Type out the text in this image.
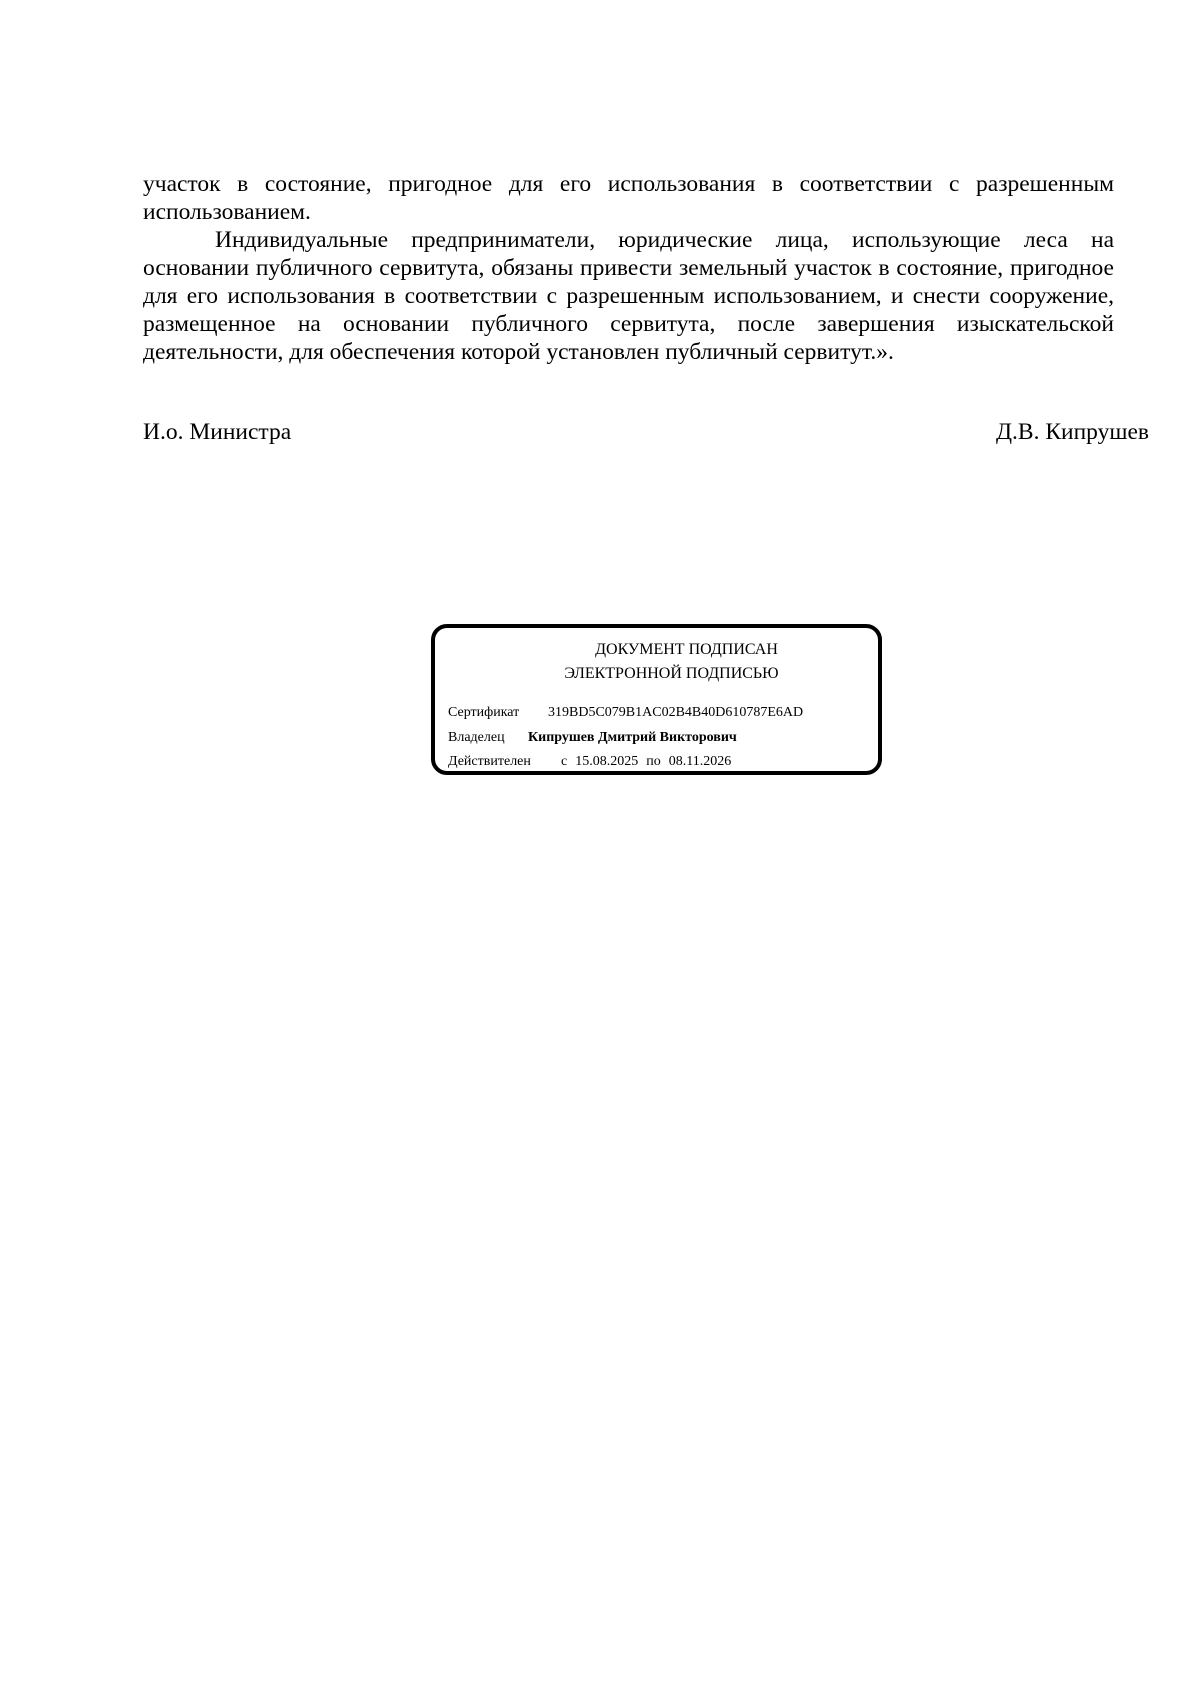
участок в состояние, пригодное для его использования в соответствии с разрешенным использованием.

Индивидуальные предприниматели, юридические лица, использующие леса на основании публичного сервитута, обязаны привести земельный участок в состояние, пригодное для его использования в соответствии с разрешенным использованием, и снести сооружение, размещенное на основании публичного сервитута, после завершения изыскательской деятельности, для обеспечения которой установлен публичный сервитут.».

И.о. Министра	Д.В. Кипрушев
ДОКУМЕНТ ПОДПИСАН
ЭЛЕКТРОННОЙ ПОДПИСЬЮ
Сертификат 319BD5C079B1AC02B4B40D610787E6AD
Владелец Кипрушев Дмитрий Викторович
Действителен с 15.08.2025 по 08.11.2026
